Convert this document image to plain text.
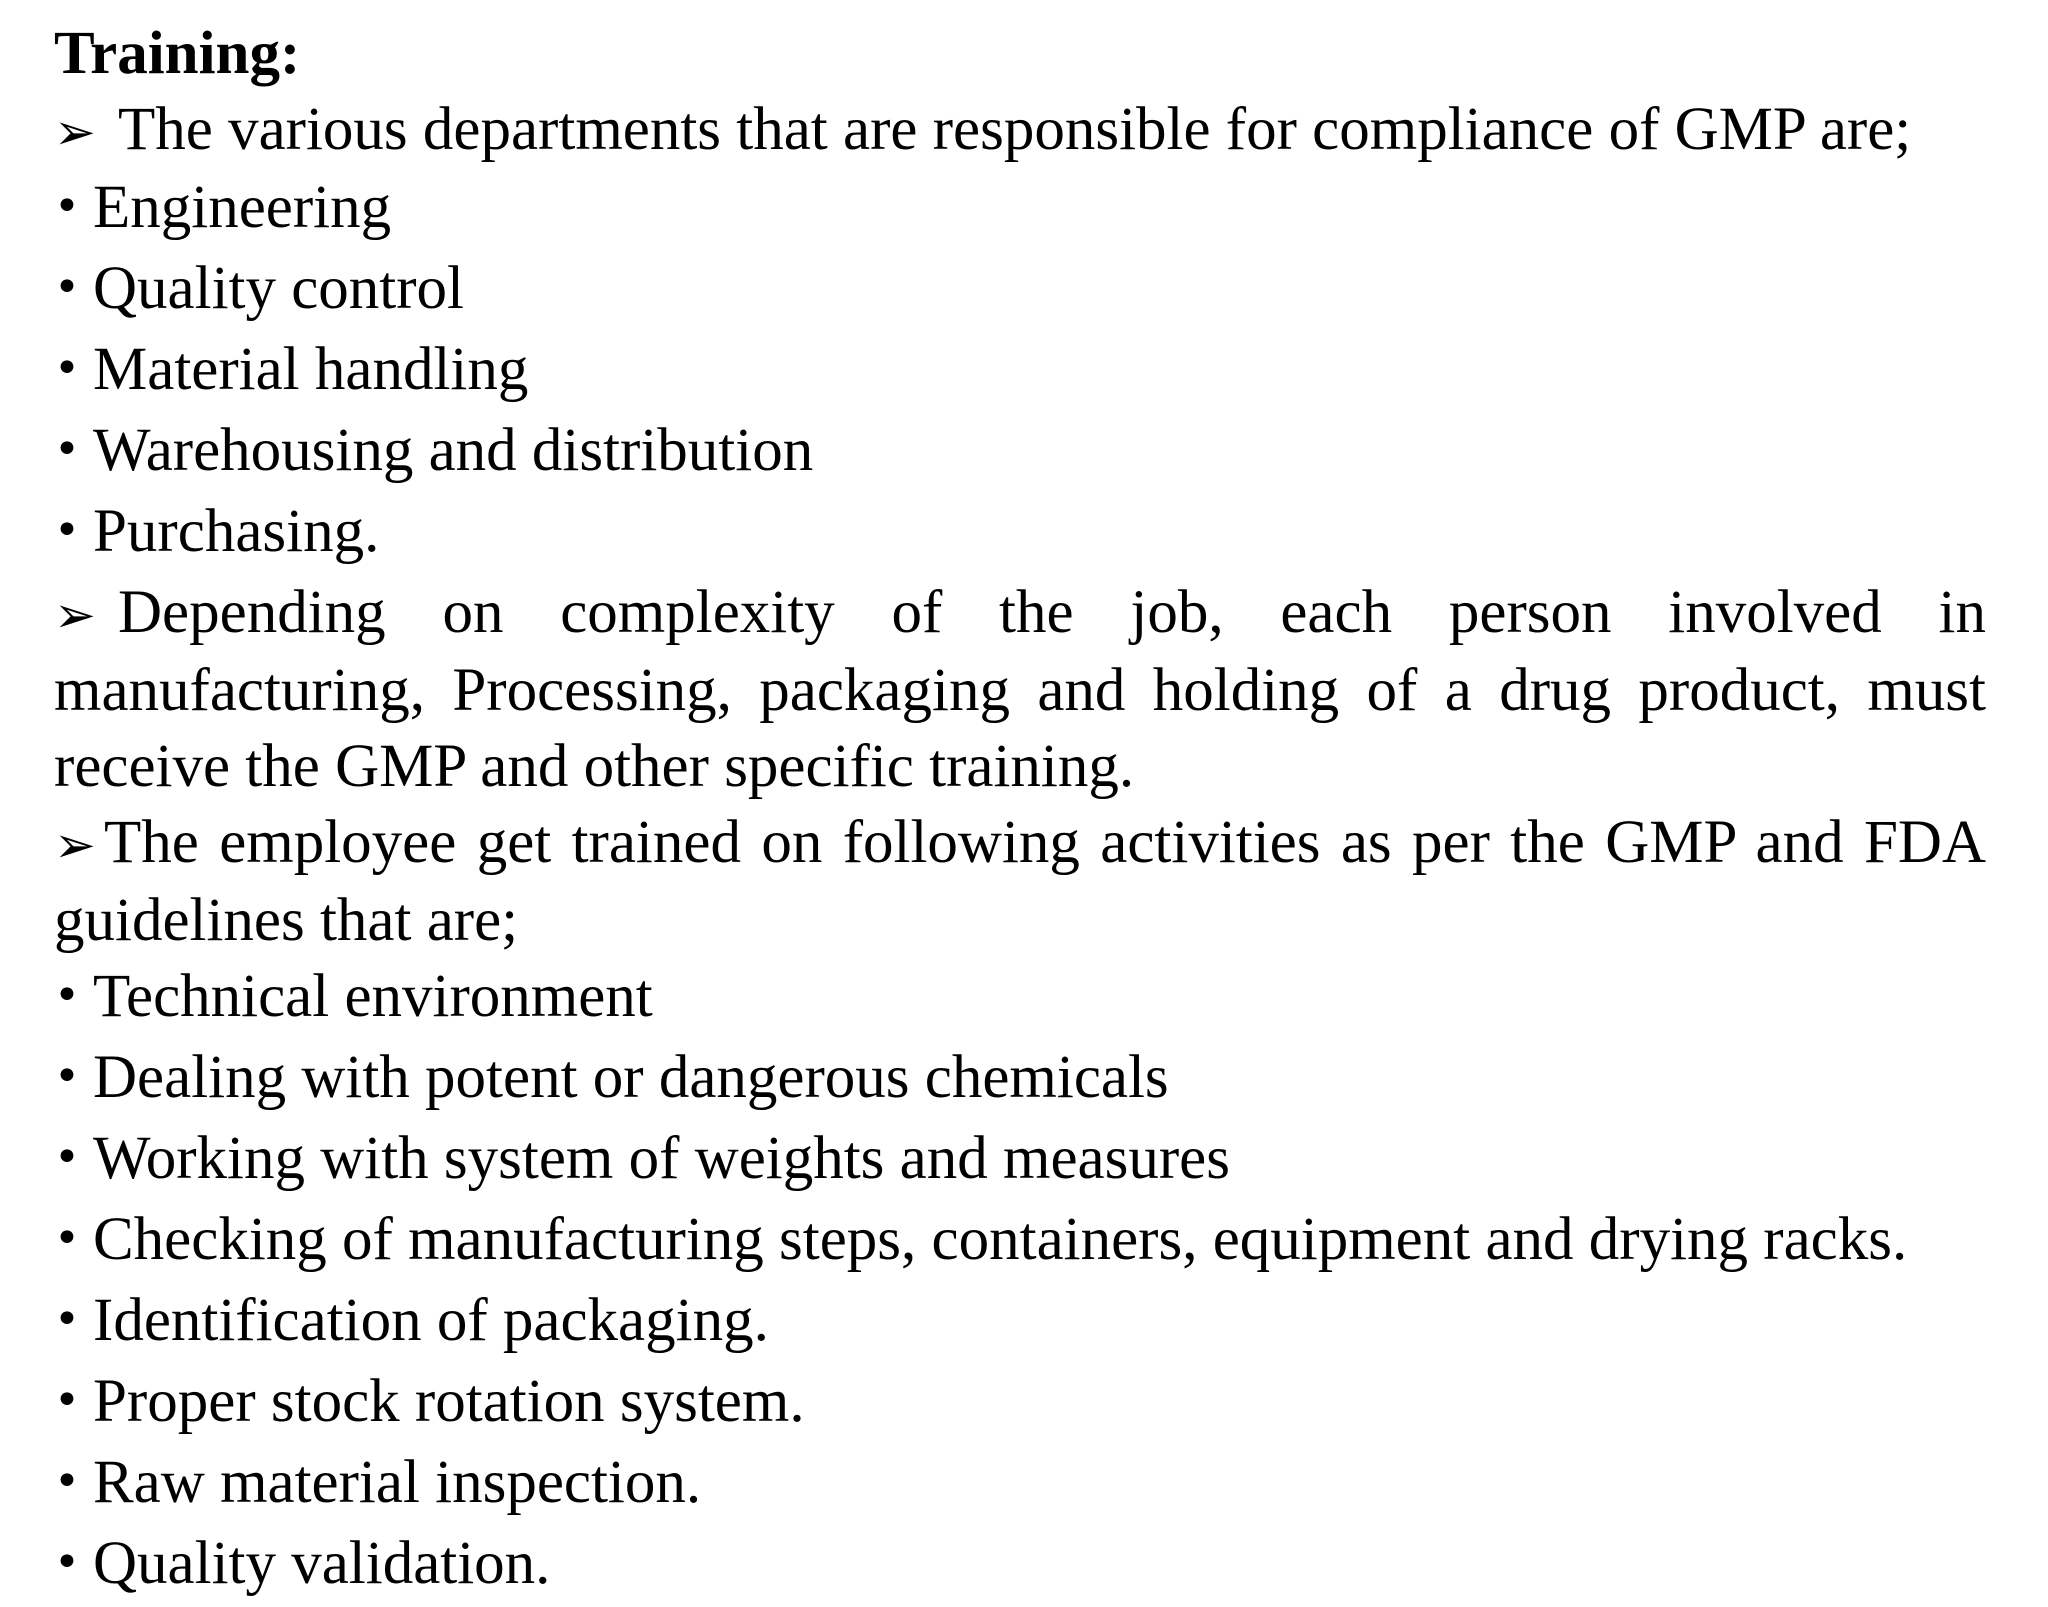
Training:

➢ The various departments that are responsible for compliance of GMP are;

• Engineering

• Quality control

• Material handling

• Warehousing and distribution

• Purchasing.

➢ Depending on complexity of the job, each person involved in manufacturing, Processing, packaging and holding of a drug product, must receive the GMP and other specific training.

➢ The employee get trained on following activities as per the GMP and FDA guidelines that are;

• Technical environment

• Dealing with potent or dangerous chemicals

• Working with system of weights and measures

• Checking of manufacturing steps, containers, equipment and drying racks.

• Identification of packaging.

• Proper stock rotation system.

• Raw material inspection.

• Quality validation.
